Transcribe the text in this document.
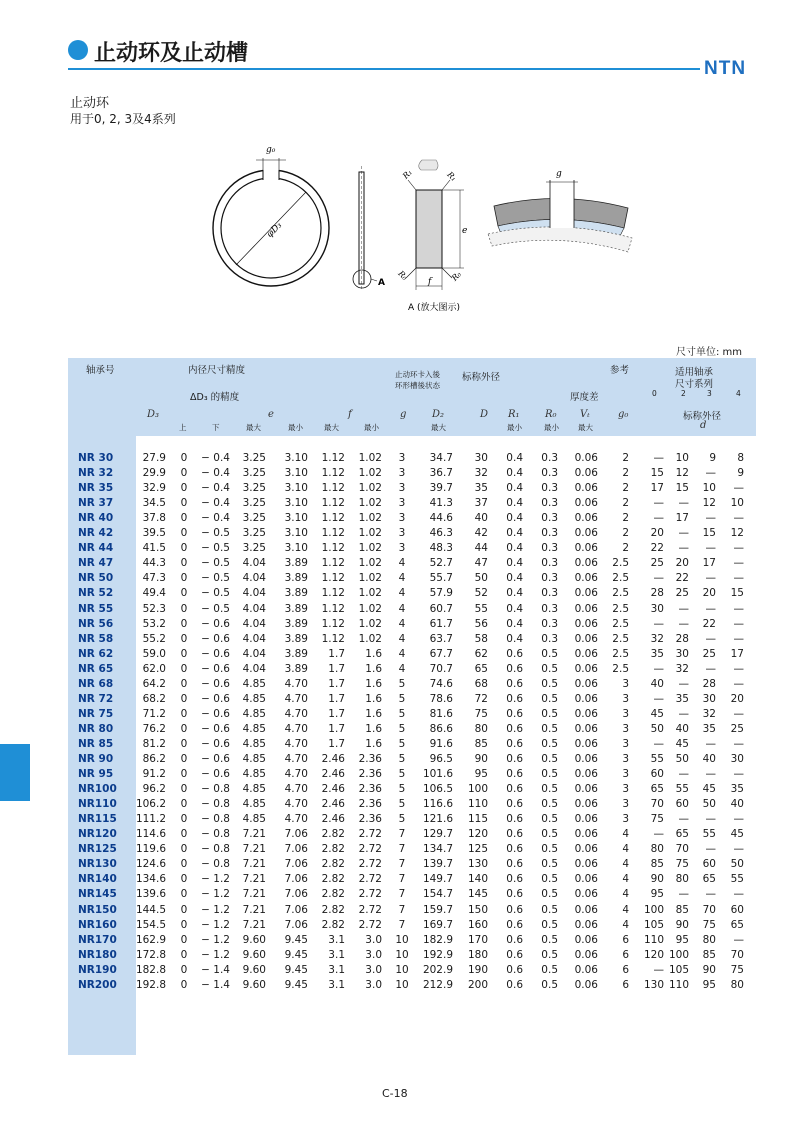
止动环及止动槽
NTN
止动环
用于0, 2, 3及4系列
g₀
φD₃
A
R₁	R₁
R₀	R₀
e
f
A (放大图示)
g
尺寸单位: mm
轴承号	内径尺寸精度
ΔD₃ 的精度
止动环卡入後
环形槽後状态
标称外径
参考
厚度差
适用轴承
尺寸系列
0	2	3	4
标称外径
D₃	e	f	g	D₂	D R₁	R₀ Vₜ	g₀
d
上	下	最大	最小	最大	最小	最大	最小	最小	最大
NR 30	27.9 0	− 0.4	3.25	3.10	1.12	1.02	3	34.7	30	0.4	0.3	0.06	2	—	10	9	8
NR 32	29.9 0	− 0.4	3.25	3.10	1.12	1.02	3	36.7	32	0.4	0.3	0.06	2	15	12	—	9
NR 35	32.9 0	− 0.4	3.25	3.10	1.12	1.02	3	39.7	35	0.4	0.3	0.06	2	17	15	10	—
NR 37	34.5 0	− 0.4	3.25	3.10	1.12	1.02	3	41.3	37	0.4	0.3	0.06	2	—	—	12	10
NR 40	37.8 0	− 0.4	3.25	3.10	1.12	1.02	3	44.6	40	0.4	0.3	0.06	2	—	17	—	—
NR 42	39.5 0	− 0.5	3.25	3.10	1.12	1.02	3	46.3	42	0.4	0.3	0.06	2	20	—	15	12
NR 44	41.5 0	− 0.5	3.25	3.10	1.12	1.02	3	48.3	44	0.4	0.3	0.06	2	22	—	—	—
NR 47	44.3 0	− 0.5	4.04	3.89	1.12	1.02	4	52.7	47	0.4	0.3	0.06	2.5	25	20	17	—
NR 50	47.3 0	− 0.5	4.04	3.89	1.12	1.02	4	55.7	50	0.4	0.3	0.06	2.5	—	22	—	—
NR 52	49.4 0	− 0.5	4.04	3.89	1.12	1.02	4	57.9	52	0.4	0.3	0.06	2.5	28	25	20	15
NR 55	52.3 0	− 0.5	4.04	3.89	1.12	1.02	4	60.7	55	0.4	0.3	0.06	2.5	30	—	—	—
NR 56	53.2 0	− 0.6	4.04	3.89	1.12	1.02	4	61.7	56	0.4	0.3	0.06	2.5	—	—	22	—
NR 58	55.2 0	− 0.6	4.04	3.89	1.12	1.02	4	63.7	58	0.4	0.3	0.06	2.5	32	28	—	—
NR 62	59.0 0	− 0.6	4.04	3.89	1.7	1.6	4	67.7	62	0.6	0.5	0.06	2.5	35	30	25	17
NR 65	62.0 0	− 0.6	4.04	3.89	1.7	1.6	4	70.7	65	0.6	0.5	0.06	2.5	—	32	—	—
NR 68	64.2 0	− 0.6	4.85	4.70	1.7	1.6	5	74.6	68	0.6	0.5	0.06	3	40	—	28	—
NR 72	68.2 0	− 0.6	4.85	4.70	1.7	1.6	5	78.6	72	0.6	0.5	0.06	3	—	35	30	20
NR 75	71.2 0	− 0.6	4.85	4.70	1.7	1.6	5	81.6	75	0.6	0.5	0.06	3	45	—	32	—
NR 80	76.2 0	− 0.6	4.85	4.70	1.7	1.6	5	86.6	80	0.6	0.5	0.06	3	50	40	35	25
NR 85	81.2 0	− 0.6	4.85	4.70	1.7	1.6	5	91.6	85	0.6	0.5	0.06	3	—	45	—	—
NR 90	86.2 0	− 0.6	4.85	4.70	2.46	2.36	5	96.5	90	0.6	0.5	0.06	3	55	50	40	30
NR 95	91.2 0	− 0.6	4.85	4.70	2.46	2.36	5	101.6	95	0.6	0.5	0.06	3	60	—	—	—
NR100	96.2 0	− 0.8	4.85	4.70	2.46	2.36	5	106.5	100	0.6	0.5	0.06	3	65	55	45	35
NR110	106.2 0	− 0.8	4.85	4.70	2.46	2.36	5	116.6	110	0.6	0.5	0.06	3	70	60	50	40
NR115	111.2 0	− 0.8	4.85	4.70	2.46	2.36	5	121.6	115	0.6	0.5	0.06	3	75	—	—	—
NR120	114.6 0	− 0.8	7.21	7.06	2.82	2.72	7	129.7	120	0.6	0.5	0.06	4	—	65	55	45
NR125	119.6 0	− 0.8	7.21	7.06	2.82	2.72	7	134.7	125	0.6	0.5	0.06	4	80	70	—	—
NR130	124.6 0	− 0.8	7.21	7.06	2.82	2.72	7	139.7	130	0.6	0.5	0.06	4	85	75	60	50
NR140	134.6 0	− 1.2	7.21	7.06	2.82	2.72	7	149.7	140	0.6	0.5	0.06	4	90	80	65	55
NR145	139.6 0	− 1.2	7.21	7.06	2.82	2.72	7	154.7	145	0.6	0.5	0.06	4	95	—	—	—
NR150	144.5 0	− 1.2	7.21	7.06	2.82	2.72	7	159.7	150	0.6	0.5	0.06	4	100	85	70	60
NR160	154.5 0	− 1.2	7.21	7.06	2.82	2.72	7	169.7	160	0.6	0.5	0.06	4	105	90	75	65
NR170	162.9 0	− 1.2	9.60	9.45	3.1	3.0	10	182.9	170	0.6	0.5	0.06	6	110	95	80	—
NR180	172.8 0	− 1.2	9.60	9.45	3.1	3.0	10	192.9	180	0.6	0.5	0.06	6	120 100	85	70
NR190	182.8 0	− 1.4	9.60	9.45	3.1	3.0	10	202.9	190	0.6	0.5	0.06	6	— 105	90	75
NR200	192.8 0	− 1.4	9.60	9.45	3.1	3.0	10	212.9	200	0.6	0.5	0.06	6	130 110	95	80
C-18
